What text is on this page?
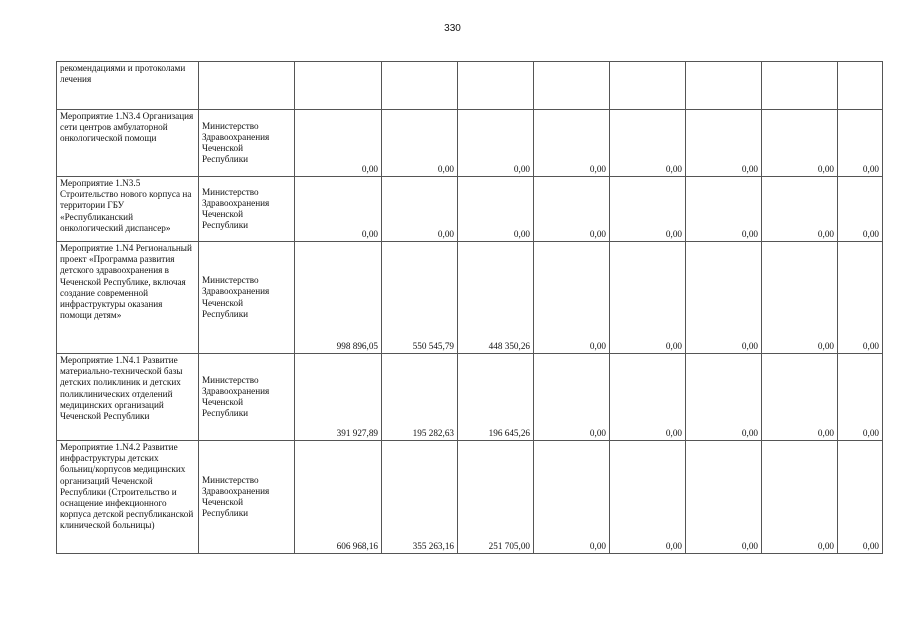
330
рекомендациями и протоколами лечения									

Мероприятие 1.N3.4 Организация сети центров амбулаторной онкологической помощи	Министерство Здравоохранения Чеченской Республики	0,00	0,00	0,00	0,00	0,00	0,00	0,00	0,00

Мероприятие 1.N3.5 Строительство нового корпуса на территории ГБУ «Республиканский онкологический диспансер»	Министерство Здравоохранения Чеченской Республики	0,00	0,00	0,00	0,00	0,00	0,00	0,00	0,00

Мероприятие 1.N4 Региональный проект «Программа развития детского здравоохранения в Чеченской Республике, включая создание современной инфраструктуры оказания помощи детям»	Министерство Здравоохранения Чеченской Республики	998 896,05	550 545,79	448 350,26	0,00	0,00	0,00	0,00	0,00

Мероприятие 1.N4.1 Развитие материально-технической базы детских поликлиник и детских поликлинических отделений медицинских организаций Чеченской Республики	Министерство Здравоохранения Чеченской Республики	391 927,89	195 282,63	196 645,26	0,00	0,00	0,00	0,00	0,00

Мероприятие 1.N4.2 Развитие инфраструктуры детских больниц/корпусов медицинских организаций Чеченской Республики (Строительство и оснащение инфекционного корпуса детской республиканской клинической больницы)	Министерство Здравоохранения Чеченской Республики	606 968,16	355 263,16	251 705,00	0,00	0,00	0,00	0,00	0,00
